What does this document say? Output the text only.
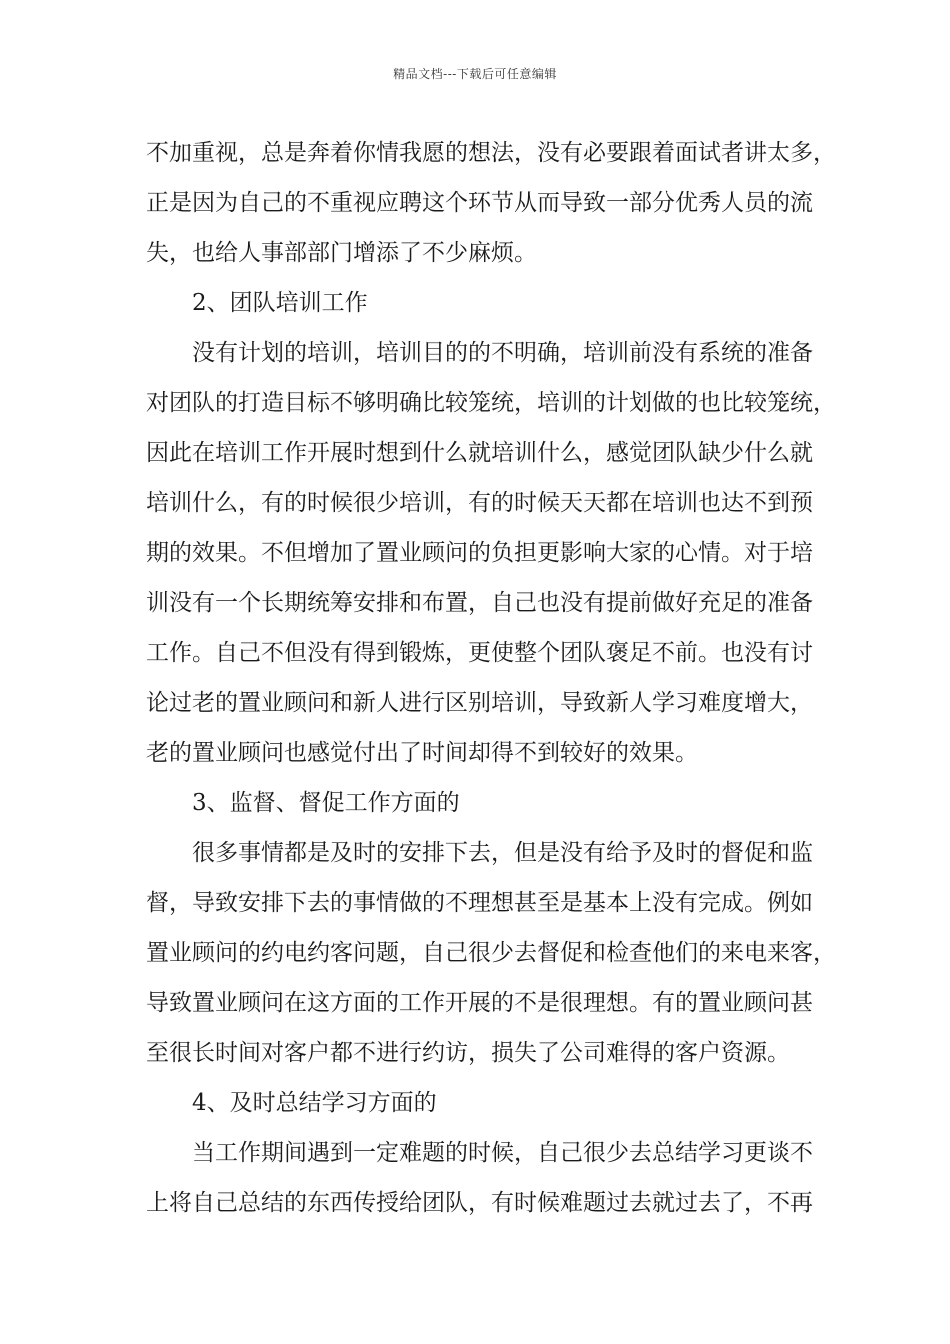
精品文档---下载后可任意编辑
不加重视，总是奔着你情我愿的想法，没有必要跟着面试者讲太多，
正是因为自己的不重视应聘这个环节从而导致一部分优秀人员的流
失，也给人事部部门增添了不少麻烦。
2、团队培训工作
没有计划的培训，培训目的的不明确，培训前没有系统的准备
对团队的打造目标不够明确比较笼统，培训的计划做的也比较笼统，
因此在培训工作开展时想到什么就培训什么，感觉团队缺少什么就
培训什么，有的时候很少培训，有的时候天天都在培训也达不到预
期的效果。不但增加了置业顾问的负担更影响大家的心情。对于培
训没有一个长期统筹安排和布置，自己也没有提前做好充足的准备
工作。自己不但没有得到锻炼，更使整个团队褒足不前。也没有讨
论过老的置业顾问和新人进行区别培训，导致新人学习难度增大，
老的置业顾问也感觉付出了时间却得不到较好的效果。
3、监督、督促工作方面的
很多事情都是及时的安排下去，但是没有给予及时的督促和监
督，导致安排下去的事情做的不理想甚至是基本上没有完成。例如
置业顾问的约电约客问题，自己很少去督促和检查他们的来电来客，
导致置业顾问在这方面的工作开展的不是很理想。有的置业顾问甚
至很长时间对客户都不进行约访，损失了公司难得的客户资源。
4、及时总结学习方面的
当工作期间遇到一定难题的时候，自己很少去总结学习更谈不
上将自己总结的东西传授给团队，有时候难题过去就过去了，不再
